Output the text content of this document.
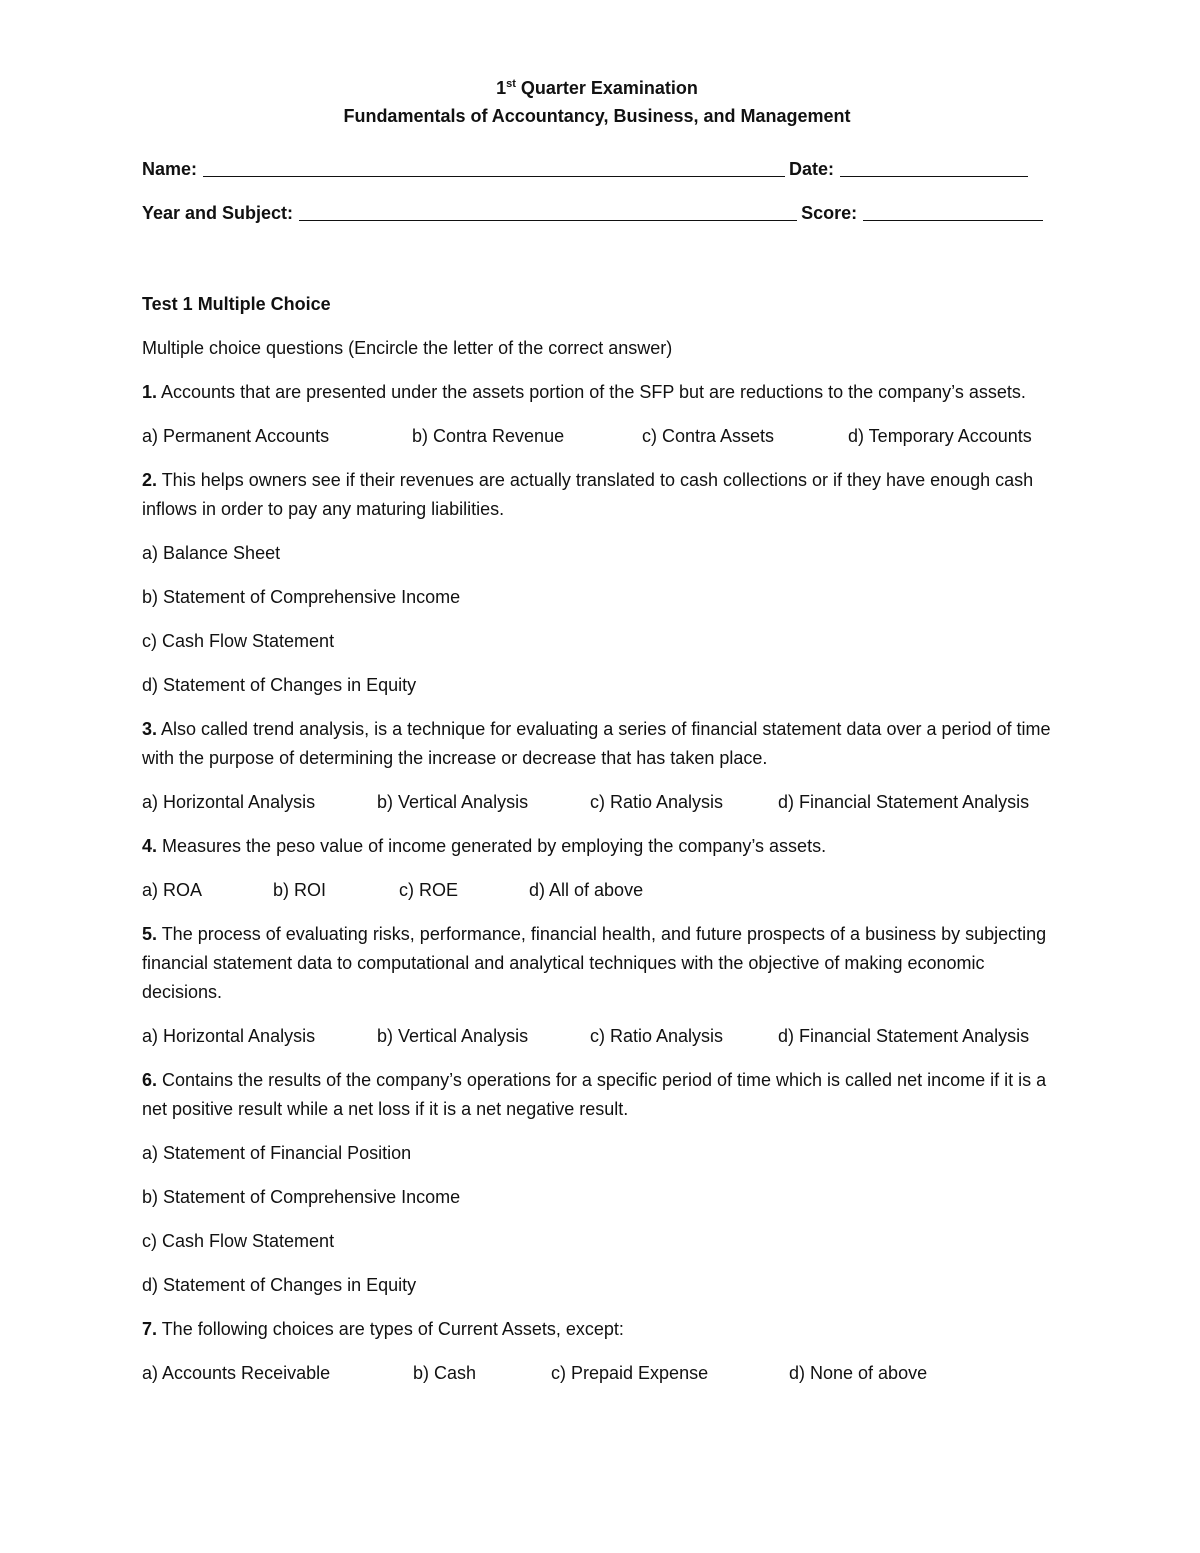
1st Quarter Examination
Fundamentals of Accountancy, Business, and Management
Name:	Date:
Year and Subject:	Score:
Test 1 Multiple Choice
Multiple choice questions (Encircle the letter of the correct answer)
1. Accounts that are presented under the assets portion of the SFP but are reductions to the company’s assets.
a) Permanent Accounts	b) Contra Revenue	c) Contra Assets	d) Temporary Accounts
2. This helps owners see if their revenues are actually translated to cash collections or if they have enough cash inflows in order to pay any maturing liabilities.
a) Balance Sheet
b) Statement of Comprehensive Income
c) Cash Flow Statement
d) Statement of Changes in Equity
3. Also called trend analysis, is a technique for evaluating a series of financial statement data over a period of time with the purpose of determining the increase or decrease that has taken place.
a) Horizontal Analysis	b) Vertical Analysis	c) Ratio Analysis	d) Financial Statement Analysis
4. Measures the peso value of income generated by employing the company’s assets.
a) ROA	b) ROI	c) ROE	d) All of above
5. The process of evaluating risks, performance, financial health, and future prospects of a business by subjecting financial statement data to computational and analytical techniques with the objective of making economic decisions.
a) Horizontal Analysis	b) Vertical Analysis	c) Ratio Analysis	d) Financial Statement Analysis
6. Contains the results of the company’s operations for a specific period of time which is called net income if it is a net positive result while a net loss if it is a net negative result.
a) Statement of Financial Position
b) Statement of Comprehensive Income
c) Cash Flow Statement
d) Statement of Changes in Equity
7. The following choices are types of Current Assets, except:
a) Accounts Receivable	b) Cash	c) Prepaid Expense	d) None of above
